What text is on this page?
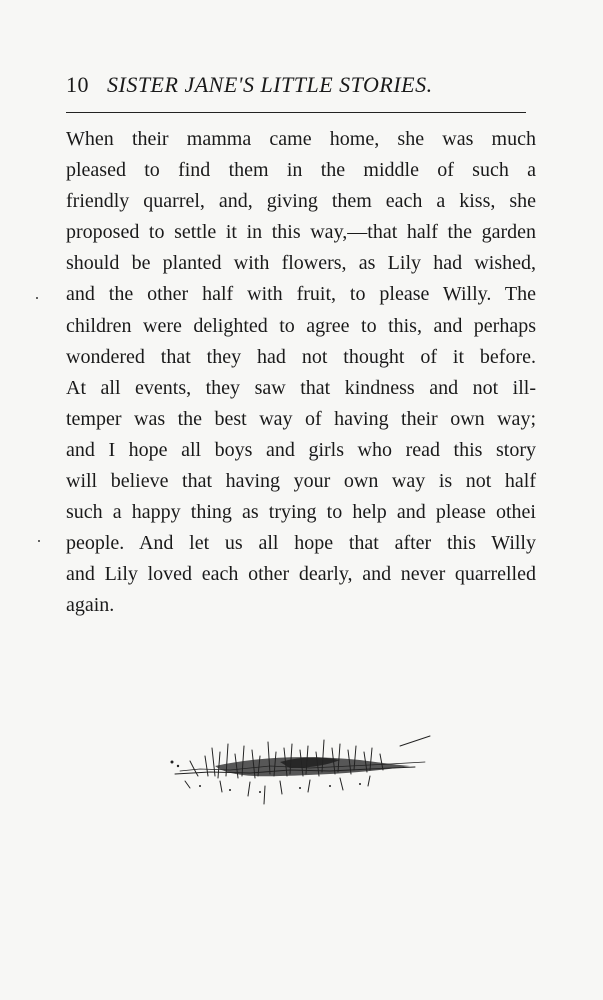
10 SISTER JANE'S LITTLE STORIES.
When their mamma came home, she was much
pleased to find them in the middle of such a
friendly quarrel, and, giving them each a kiss, she
proposed to settle it in this way,—that half the garden
should be planted with flowers, as Lily had wished,
and the other half with fruit, to please Willy. The
children were delighted to agree to this, and perhaps
wondered that they had not thought of it before.
At all events, they saw that kindness and not ill-
temper was the best way of having their own way;
and I hope all boys and girls who read this story
will believe that having your own way is not half
such a happy thing as trying to help and please othei
people. And let us all hope that after this Willy
and Lily loved each other dearly, and never quarrelled
again.
